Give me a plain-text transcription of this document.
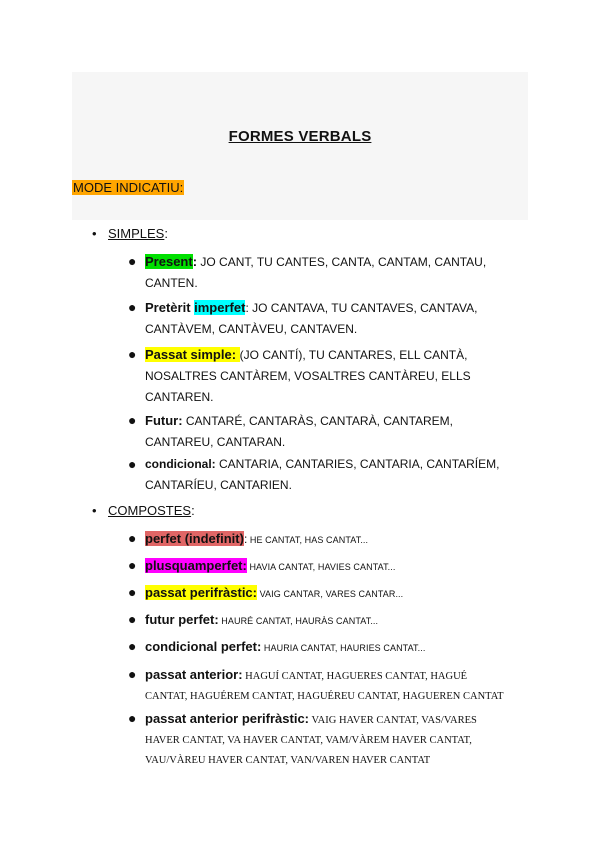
FORMES VERBALS
MODE INDICATIU:
• SIMPLES:
● Present: JO CANT, TU CANTES, CANTA, CANTAM, CANTAU, CANTEN.
● Pretèrit imperfet: JO CANTAVA, TU CANTAVES, CANTAVA, CANTÀVEM, CANTÀVEU, CANTAVEN.
● Passat simple: (JO CANTÍ), TU CANTARES, ELL CANTÀ, NOSALTRES CANTÀREM, VOSALTRES CANTÀREU, ELLS CANTAREN.
● Futur: CANTARÉ, CANTARÀS, CANTARÀ, CANTAREM, CANTAREU, CANTARAN.
● condicional: CANTARIA, CANTARIES, CANTARIA, CANTARÍEM, CANTARÍEU, CANTARIEN.
• COMPOSTES:
● perfet (indefinit): HE CANTAT, HAS CANTAT...
● plusquamperfet: HAVIA CANTAT, HAVIES CANTAT...
● passat perifràstic: VAIG CANTAR, VARES CANTAR...
● futur perfet: HAURÉ CANTAT, HAURÀS CANTAT...
● condicional perfet: HAURIA CANTAT, HAURIES CANTAT...
● passat anterior: HAGUÍ CANTAT, HAGUERES CANTAT, HAGUÉ CANTAT, HAGUÉREM CANTAT, HAGUÉREU CANTAT, HAGUEREN CANTAT
● passat anterior perifràstic: VAIG HAVER CANTAT, VAS/VARES HAVER CANTAT, VA HAVER CANTAT, VAM/VÀREM HAVER CANTAT, VAU/VÀREU HAVER CANTAT, VAN/VAREN HAVER CANTAT
